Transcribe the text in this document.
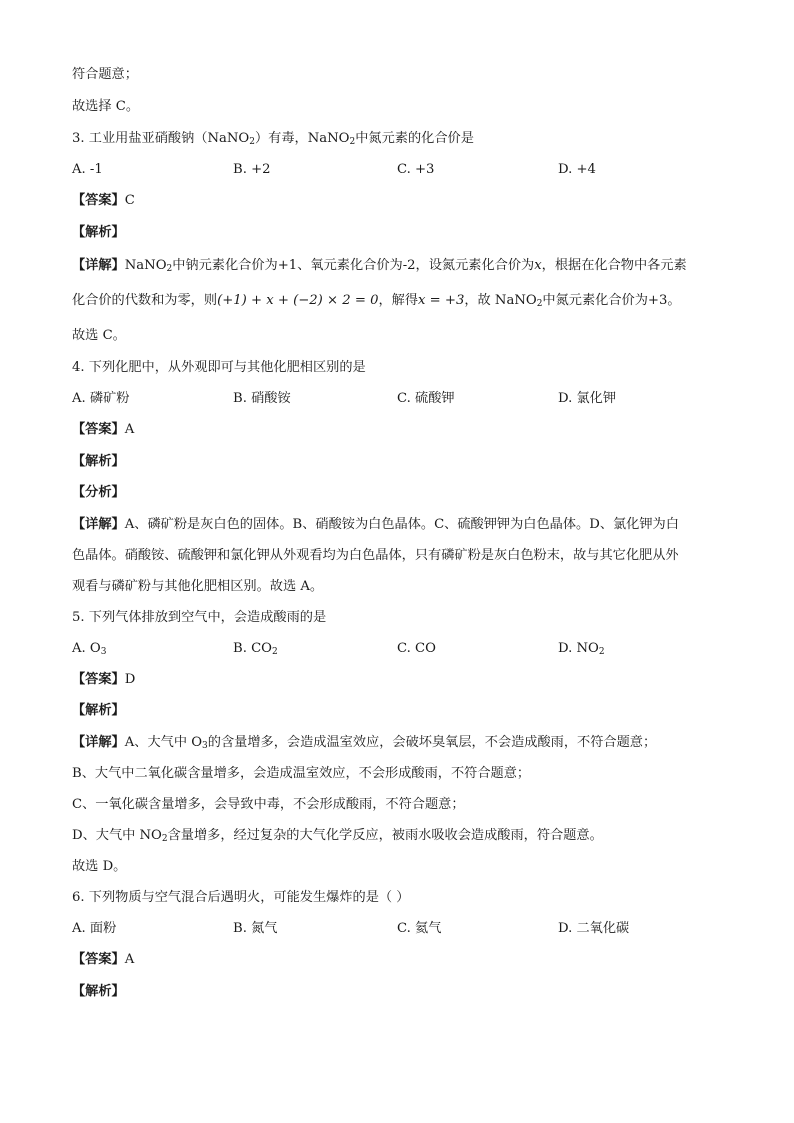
符合题意；
故选择 C。
3. 工业用盐亚硝酸钠（NaNO$_2$）有毒，NaNO$_2$中氮元素的化合价是
A. -1	B. +2	C. +3	D. +4
【答案】C
【解析】
【详解】NaNO$_2$中钠元素化合价为+1、氧元素化合价为-2，设氮元素化合价为x，根据在化合物中各元素
化合价的代数和为零，则(+1) + x + (−2) × 2 = 0，解得x = +3，故 NaNO$_2$中氮元素化合价为+3。
故选 C。
4. 下列化肥中，从外观即可与其他化肥相区别的是
A. 磷矿粉	B. 硝酸铵	C. 硫酸钾	D. 氯化钾
【答案】A
【解析】
【分析】
【详解】A、磷矿粉是灰白色的固体。B、硝酸铵为白色晶体。C、硫酸钾钾为白色晶体。D、氯化钾为白
色晶体。硝酸铵、硫酸钾和氯化钾从外观看均为白色晶体，只有磷矿粉是灰白色粉末，故与其它化肥从外
观看与磷矿粉与其他化肥相区别。故选 A。
5. 下列气体排放到空气中，会造成酸雨的是
A. $O_3$	B. $CO_2$	C. CO	D. $NO_2$
【答案】D
【解析】
【详解】A、大气中 $O_3$的含量增多，会造成温室效应，会破坏臭氧层，不会造成酸雨，不符合题意；
B、大气中二氧化碳含量增多，会造成温室效应，不会形成酸雨，不符合题意；
C、一氧化碳含量增多，会导致中毒，不会形成酸雨，不符合题意；
D、大气中 $NO_2$含量增多，经过复杂的大气化学反应，被雨水吸收会造成酸雨，符合题意。
故选 D。
6. 下列物质与空气混合后遇明火，可能发生爆炸的是（ ）
A. 面粉	B. 氮气	C. 氦气	D. 二氧化碳
【答案】A
【解析】
